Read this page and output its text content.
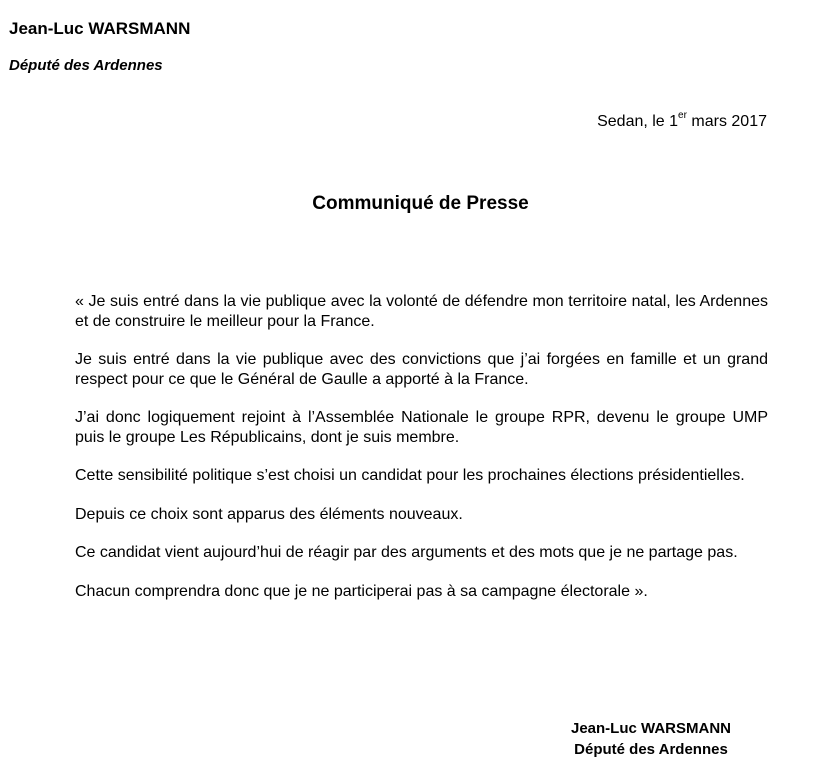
Jean-Luc WARSMANN
Député des Ardennes
Sedan, le 1er mars 2017
Communiqué de Presse

« Je suis entré dans la vie publique avec la volonté de défendre mon territoire natal, les Ardennes et de construire le meilleur pour la France.

Je suis entré dans la vie publique avec des convictions que j’ai forgées en famille et un grand respect pour ce que le Général de Gaulle a apporté à la France.

J’ai donc logiquement rejoint à l’Assemblée Nationale le groupe RPR, devenu le groupe UMP puis le groupe Les Républicains, dont je suis membre.

Cette sensibilité politique s’est choisi un candidat pour les prochaines élections présidentielles.

Depuis ce choix sont apparus des éléments nouveaux.

Ce candidat vient aujourd’hui de réagir par des arguments et des mots que je ne partage pas.

Chacun comprendra donc que je ne participerai pas à sa campagne électorale ».

Jean-Luc WARSMANN
Député des Ardennes
